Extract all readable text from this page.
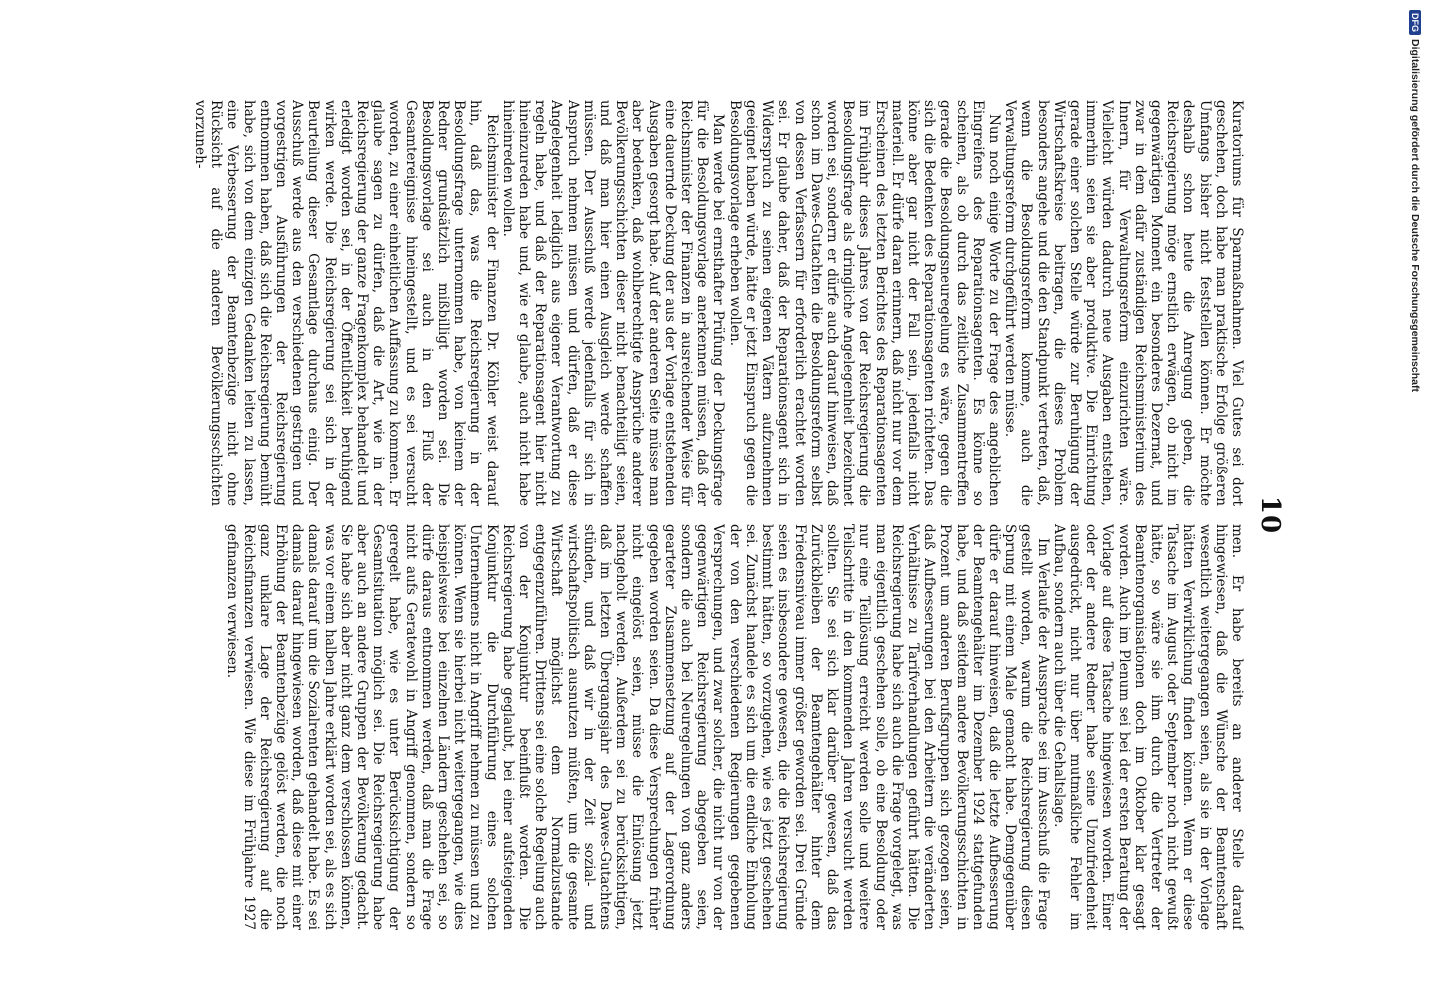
10

Kuratoriums für Sparmaßnahmen. Viel Gutes sei dort geschehen, doch habe man praktische Erfolge größeren Umfangs bisher nicht feststellen können. Er möchte deshalb schon heute die Anregung geben, die Reichsregierung möge ernstlich erwägen, ob nicht im gegenwärtigen Moment ein besonderes Dezernat, und zwar in dem dafür zuständigen Reichsministerium des Innern, für Verwaltungsreform einzurichten wäre. Vielleicht würden dadurch neue Ausgaben entstehen, immerhin seien sie aber produktive. Die Einrichtung gerade einer solchen Stelle würde zur Beruhigung der Wirtschaftskreise beitragen, die dieses Problem besonders angehe und die den Standpunkt vertreten, daß, wenn die Besoldungsreform komme, auch die Verwaltungsreform durchgeführt werden müsse.

Nun noch einige Worte zu der Frage des angeblichen Eingreifens des Reparationsagenten. Es könne so scheinen, als ob durch das zeitliche Zusammentreffen gerade die Besoldungsneuregelung es wäre, gegen die sich die Bedenken des Reparationsagenten richteten. Das könne aber gar nicht der Fall sein, jedenfalls nicht materiell. Er dürfe daran erinnern, daß nicht nur vor dem Erscheinen des letzten Berichtes des Reparationsagenten im Frühjahr dieses Jahres von der Reichsregierung die Besoldungsfrage als dringliche Angelegenheit bezeichnet worden sei, sondern er dürfe auch darauf hinweisen, daß schon im Dawes-Gutachten die Besoldungsreform selbst von dessen Verfassern für erforderlich erachtet worden sei. Er glaube daher, daß der Reparationsagent sich in Widerspruch zu seinen eigenen Vätern aufzunehmen geeignet haben würde, hätte er jetzt Einspruch gegen die Besoldungsvorlage erheben wollen.

Man werde bei ernsthafter Prüfung der Deckungsfrage für die Besoldungsvorlage anerkennen müssen, daß der Reichsminister der Finanzen in ausreichender Weise für eine dauernde Deckung der aus der Vorlage entstehenden Ausgaben gesorgt habe. Auf der anderen Seite müsse man aber bedenken, daß wohlberechtigte Ansprüche anderer Bevölkerungsschichten dieser nicht benachteiligt seien, und daß man hier einen Ausgleich werde schaffen müssen. Der Ausschuß werde jedenfalls für sich in Anspruch nehmen müssen und dürfen, daß er diese Angelegenheit lediglich aus eigener Verantwortung zu regeln habe, und daß der Reparationsagent hier nicht hineinzureden habe und, wie er glaube, auch nicht habe hineinreden wollen.

Reichsminister der Finanzen Dr. Köhler weist darauf hin, daß das, was die Reichsregierung in der Besoldungsfrage unternommen habe, von keinem der Redner grundsätzlich mißbilligt worden sei. Die Besoldungsvorlage sei auch in den Fluß der Gesamtereignisse hineingestellt, und es sei versucht worden, zu einer einheitlichen Auffassung zu kommen. Er glaube sagen zu dürfen, daß die Art, wie in der Reichsregierung der ganze Fragenkomplex behandelt und erledigt worden sei, in der Öffentlichkeit beruhigend wirken werde. Die Reichsregierung sei sich in der Beurteilung dieser Gesamtlage durchaus einig. Der Ausschuß werde aus den verschiedenen gestrigen und vorgestrigen Ausführungen der Reichsregierung entnommen haben, daß sich die Reichsregierung bemüht habe, sich von dem einzigen Gedanken leiten zu lassen, eine Verbesserung der Beamtenbezüge nicht ohne Rücksicht auf die anderen Bevölkerungsschichten vorzuneh-

men. Er habe bereits an anderer Stelle darauf hingewiesen, daß die Wünsche der Beamtenschaft wesentlich weitergegangen seien, als sie in der Vorlage hätten Verwirklichung finden können. Wenn er diese Tatsache im August oder September noch nicht gewußt hätte, so wäre sie ihm durch die Vertreter der Beamtenorganisationen doch im Oktober klar gesagt worden. Auch im Plenum sei bei der ersten Beratung der Vorlage auf diese Tatsache hingewiesen worden. Einer oder der andere Redner habe seine Unzufriedenheit ausgedrückt, nicht nur über mutmaßliche Fehler im Aufbau, sondern auch über die Gehaltslage.

Im Verlaufe der Aussprache sei im Ausschuß die Frage gestellt worden, warum die Reichsregierung diesen Sprung mit einem Male gemacht habe. Demgegenüber dürfe er darauf hinweisen, daß die letzte Aufbesserung der Beamtengehälter im Dezember 1924 stattgefunden habe, und daß seitdem andere Bevölkerungsschichten in Prozent um anderen Berufsgruppen sich gezogen seien, daß Aufbesserungen bei den Arbeitern die veränderten Verhältnisse zu Tarifverhandlungen geführt hätten. Die Reichsregierung habe sich auch die Frage vorgelegt, was man eigentlich geschehen solle, ob eine Besoldung oder nur eine Teillösung erreicht werden solle und weitere Teilschritte in den kommenden Jahren versucht werden sollten. Sie sei sich klar darüber gewesen, daß das Zurückbleiben der Beamtengehälter hinter dem Friedensniveau immer größer geworden sei. Drei Gründe seien es insbesondere gewesen, die die Reichsregierung bestimmt hätten, so vorzugehen, wie es jetzt geschehen sei. Zunächst handele es sich um die endliche Einholung der von den verschiedenen Regierungen gegebenen Versprechungen, und zwar solcher, die nicht nur von der gegenwärtigen Reichsregierung abgegeben seien, sondern die auch bei Neuregelungen von ganz anders gearteter Zusammensetzung auf der Lagerordnung gegeben worden seien. Da diese Versprechungen früher nicht eingelöst seien, müsse die Einlösung jetzt nachgeholt werden. Außerdem sei zu berücksichtigen, daß im letzten Übergangsjahr des Dawes-Gutachtens stünden, und daß wir in der Zeit sozial- und wirtschaftspolitisch ausnutzen müßten, um die gesamte Wirtschaft möglichst dem Normalzustande entgegenzuführen. Drittens sei eine solche Regelung auch von der Konjunktur beeinflußt worden. Die Reichsregierung habe geglaubt, bei einer aufsteigenden Konjunktur die Durchführung eines solchen Unternehmens nicht in Angriff nehmen zu müssen und zu können. Wenn sie hierbei nicht weitergegangen, wie dies beispielsweise bei einzelnen Ländern geschehen sei, so dürfe daraus entnommen werden, daß man die Frage nicht aufs Geratewohl in Angriff genommen, sondern so geregelt habe, wie es unter Berücksichtigung der Gesamtsituation möglich sei. Die Reichsregierung habe aber auch an andere Gruppen der Bevölkerung gedacht. Sie habe sich aber nicht ganz dem verschlossen können, was vor einem halben Jahre erklärt worden sei, als es sich damals darauf um die Sozialrenten gehandelt habe. Es sei damals darauf hingewiesen worden, daß diese mit einer Erhöhung der Beamtenbezüge gelöst werden, die noch ganz unklare Lage der Reichsregierung auf die Reichsfinanzen verwiesen. Wie diese im Frühjahre 1927 gefinanzen verwiesen.

DFG
Digitalisierung gefördert durch die Deutsche Forschungsgemeinschaft
